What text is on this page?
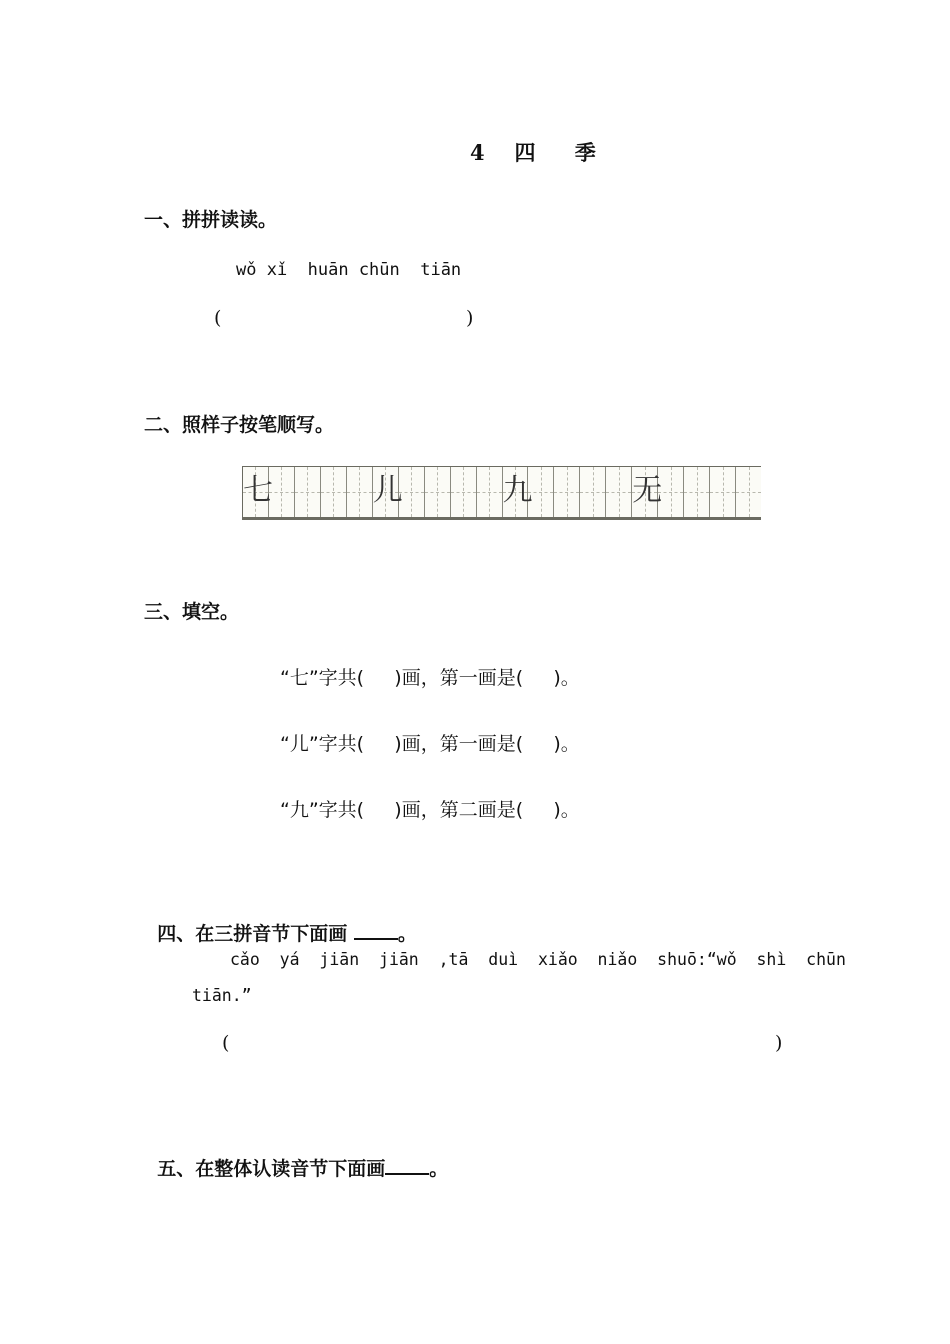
4   四    季
一、拼拼读读。
wǒ xǐ  huān chūn  tiān
(	)
二、照样子按笔顺写。
七	儿	九	无
三、填空。
“七”字共(     )画，第一画是(     )。
“儿”字共(     )画，第一画是(     )。
“九”字共(     )画，第二画是(     )。

四、在三拼音节下面画	。

cǎo  yá  jiān  jiān  ,tā  duì  xiǎo  niǎo  shuō:“wǒ  shì  chūn
tiān.”
(	)

五、在整体认读音节下面画 。
